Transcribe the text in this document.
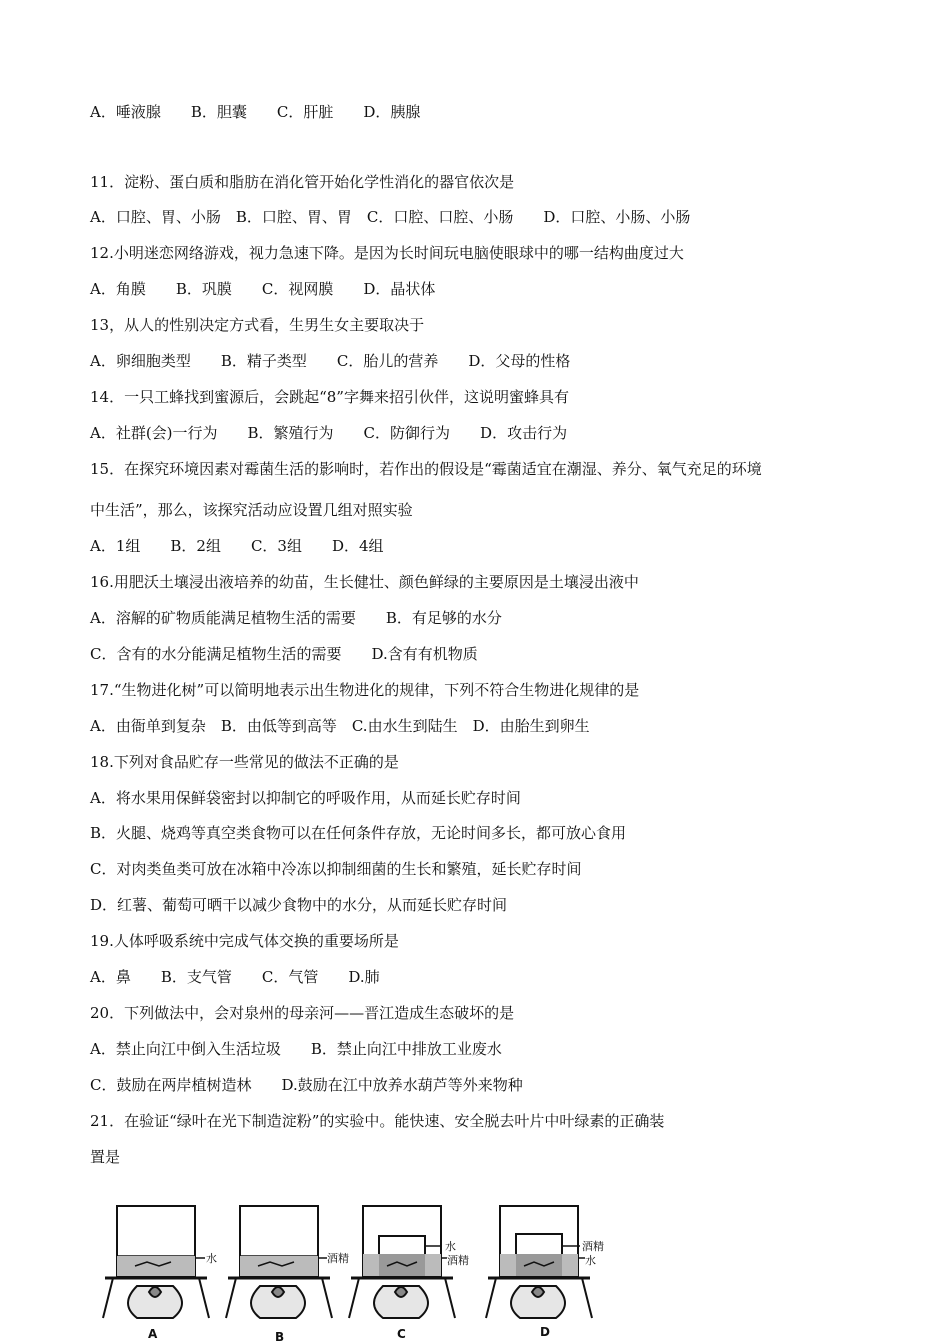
A．唾液腺　　B．胆囊　　C．肝脏　　D．胰腺
11．淀粉、蛋白质和脂肪在消化管开始化学性消化的器官依次是
A．口腔、胃、小肠　B．口腔、胃、胃　C．口腔、口腔、小肠　　D．口腔、小肠、小肠
12.小明迷恋网络游戏，视力急速下降。是因为长时间玩电脑使眼球中的哪一结构曲度过大
A．角膜　　B．巩膜　　C．视网膜　　D．晶状体
13，从人的性别决定方式看，生男生女主要取决于
A．卵细胞类型　　B．精子类型　　C．胎儿的营养　　D．父母的性格
14．一只工蜂找到蜜源后，会跳起“8”字舞来招引伙伴，这说明蜜蜂具有
A．社群(会)一行为　　B．繁殖行为　　C．防御行为　　D．攻击行为
15．在探究环境因素对霉菌生活的影响时，若作出的假设是“霉菌适宜在潮湿、养分、氧气充足的环境
中生活”，那么，该探究活动应设置几组对照实验
A．1组　　B．2组　　C．3组　　D．4组
16.用肥沃土壤浸出液培养的幼苗，生长健壮、颜色鲜绿的主要原因是土壤浸出液中
A．溶解的矿物质能满足植物生活的需要　　B．有足够的水分
C．含有的水分能满足植物生活的需要　　D.含有有机物质
17.“生物进化树”可以简明地表示出生物进化的规律，下列不符合生物进化规律的是
A．由衙单到复杂　B．由低等到高等　C.由水生到陆生　D．由胎生到卵生
18.下列对食品贮存一些常见的做法不正确的是
A．将水果用保鲜袋密封以抑制它的呼吸作用，从而延长贮存时间
B．火腿、烧鸡等真空类食物可以在任何条件存放，无论时间多长，都可放心食用
C．对肉类鱼类可放在冰箱中冷冻以抑制细菌的生长和繁殖，延长贮存时间
D．红薯、葡萄可晒干以减少食物中的水分，从而延长贮存时间
19.人体呼吸系统中完成气体交换的重要场所是
A．鼻　　B．支气管　　C．气管　　D.肺
20．下列做法中，会对泉州的母亲河——晋江造成生态破坏的是
A．禁止向江中倒入生活垃圾　　B．禁止向江中排放工业废水
C．鼓励在两岸植树造林　　D.鼓励在江中放养水葫芦等外来物种
21．在验证“绿叶在光下制造淀粉”的实验中。能快速、安全脱去叶片中叶绿素的正确装
置是
水	酒精
水
酒精
酒精
水
A	B	C	D
